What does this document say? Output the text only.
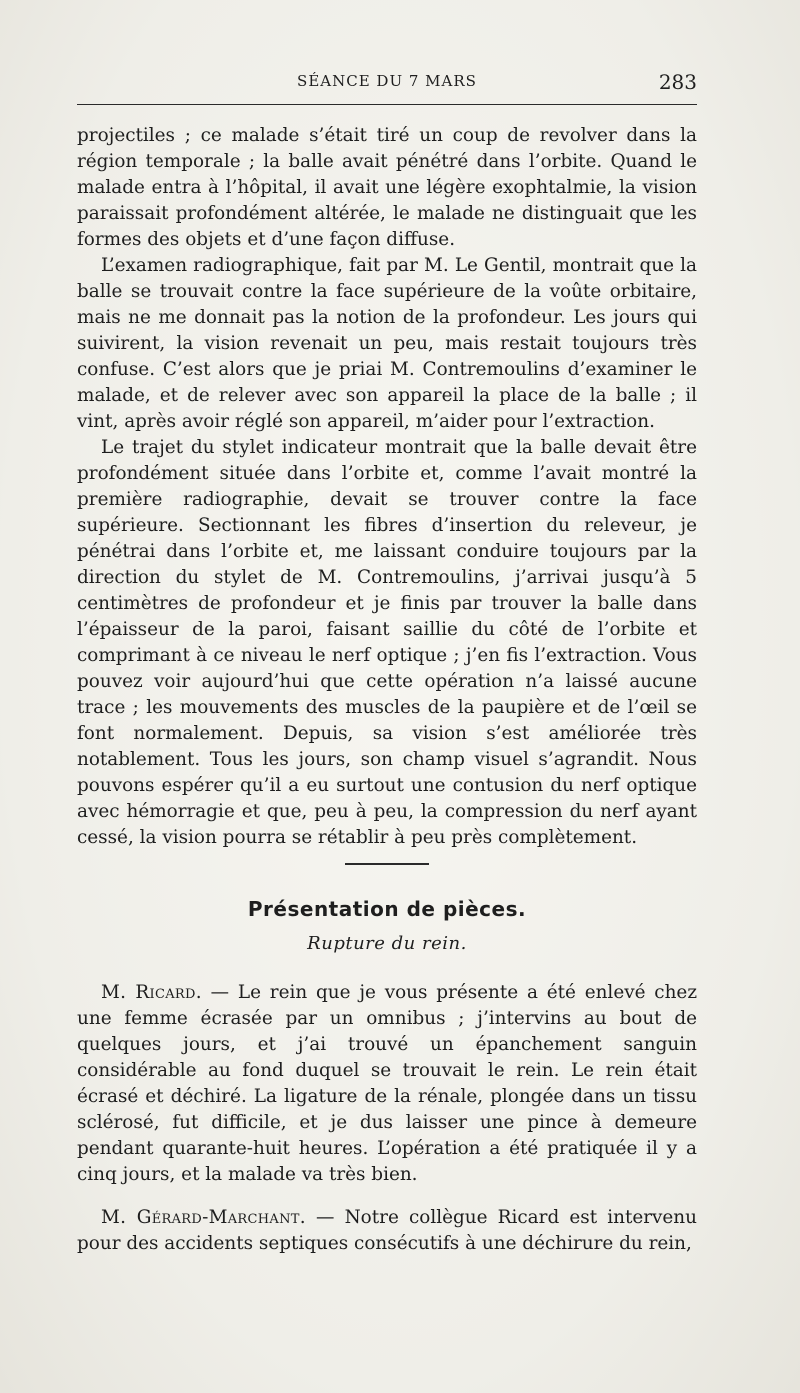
SÉANCE DU 7 MARS	283

projectiles ; ce malade s’était tiré un coup de revolver dans la région temporale ; la balle avait pénétré dans l’orbite. Quand le malade entra à l’hôpital, il avait une légère exophtalmie, la vision paraissait profondément altérée, le malade ne distinguait que les formes des objets et d’une façon diffuse.

L’examen radiographique, fait par M. Le Gentil, montrait que la balle se trouvait contre la face supérieure de la voûte orbitaire, mais ne me donnait pas la notion de la profondeur. Les jours qui suivirent, la vision revenait un peu, mais restait toujours très confuse. C’est alors que je priai M. Contremoulins d’examiner le malade, et de relever avec son appareil la place de la balle ; il vint, après avoir réglé son appareil, m’aider pour l’extraction.

Le trajet du stylet indicateur montrait que la balle devait être profondément située dans l’orbite et, comme l’avait montré la première radiographie, devait se trouver contre la face supérieure. Sectionnant les fibres d’insertion du releveur, je pénétrai dans l’orbite et, me laissant conduire toujours par la direction du stylet de M. Contremoulins, j’arrivai jusqu’à 5 centimètres de profondeur et je finis par trouver la balle dans l’épaisseur de la paroi, faisant saillie du côté de l’orbite et comprimant à ce niveau le nerf optique ; j’en fis l’extraction. Vous pouvez voir aujourd’hui que cette opération n’a laissé aucune trace ; les mouvements des muscles de la paupière et de l’œil se font normalement. Depuis, sa vision s’est améliorée très notablement. Tous les jours, son champ visuel s’agrandit. Nous pouvons espérer qu’il a eu surtout une contusion du nerf optique avec hémorragie et que, peu à peu, la compression du nerf ayant cessé, la vision pourra se rétablir à peu près complètement.

Présentation de pièces.
Rupture du rein.

M. Ricard. — Le rein que je vous présente a été enlevé chez une femme écrasée par un omnibus ; j’intervins au bout de quelques jours, et j’ai trouvé un épanchement sanguin considérable au fond duquel se trouvait le rein. Le rein était écrasé et déchiré. La ligature de la rénale, plongée dans un tissu sclérosé, fut difficile, et je dus laisser une pince à demeure pendant quarante-huit heures. L’opération a été pratiquée il y a cinq jours, et la malade va très bien.

M. Gérard-Marchant. — Notre collègue Ricard est intervenu pour des accidents septiques consécutifs à une déchirure du rein,
